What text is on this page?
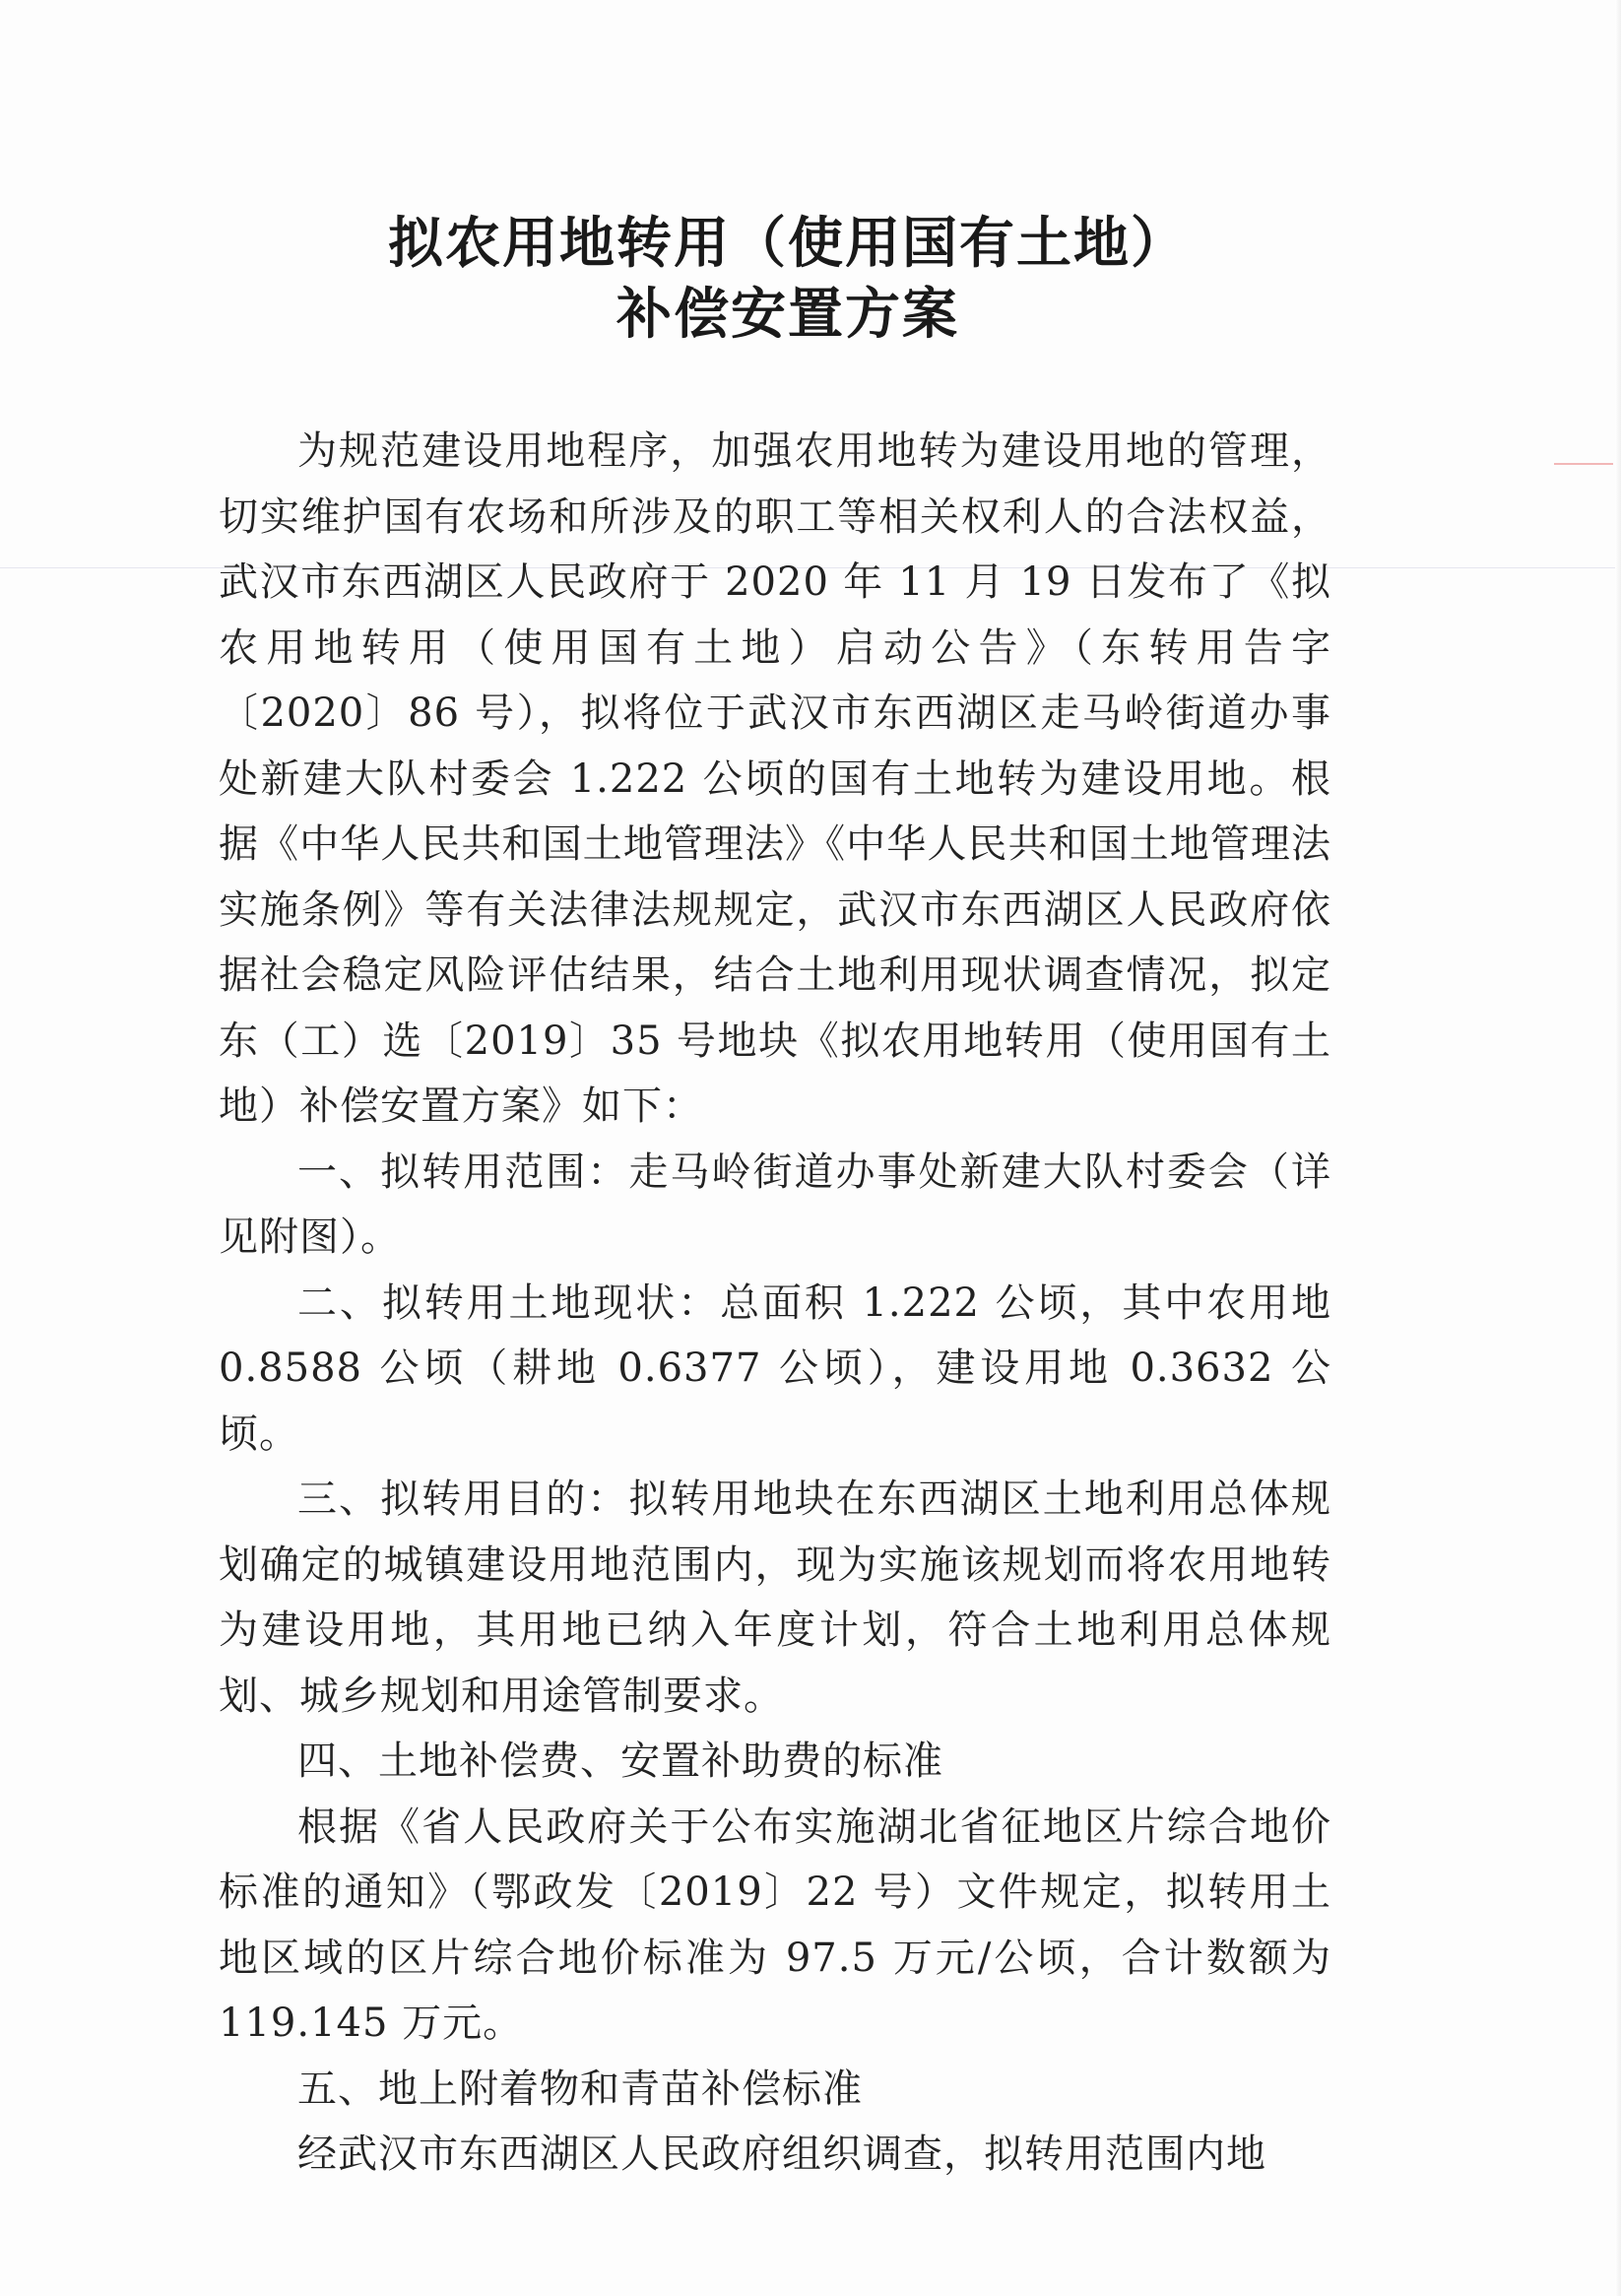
拟农用地转用（使用国有土地）
补偿安置方案

为规范建设用地程序，加强农用地转为建设用地的管理，切实维护国有农场和所涉及的职工等相关权利人的合法权益，武汉市东西湖区人民政府于 2020 年 11 月 19 日发布了《拟农用地转用（使用国有土地）启动公告》（东转用告字〔2020〕86 号），拟将位于武汉市东西湖区走马岭街道办事处新建大队村委会 1.222 公顷的国有土地转为建设用地。根据《中华人民共和国土地管理法》《中华人民共和国土地管理法实施条例》等有关法律法规规定，武汉市东西湖区人民政府依据社会稳定风险评估结果，结合土地利用现状调查情况，拟定东（工）选〔2019〕35 号地块《拟农用地转用（使用国有土地）补偿安置方案》如下：

一、拟转用范围：走马岭街道办事处新建大队村委会（详见附图）。

二、拟转用土地现状：总面积 1.222 公顷，其中农用地 0.8588 公顷（耕地 0.6377 公顷），建设用地 0.3632 公顷。

三、拟转用目的：拟转用地块在东西湖区土地利用总体规划确定的城镇建设用地范围内，现为实施该规划而将农用地转为建设用地，其用地已纳入年度计划，符合土地利用总体规划、城乡规划和用途管制要求。

四、土地补偿费、安置补助费的标准

根据《省人民政府关于公布实施湖北省征地区片综合地价标准的通知》（鄂政发〔2019〕22 号）文件规定，拟转用土地区域的区片综合地价标准为 97.5 万元/公顷，合计数额为 119.145 万元。

五、地上附着物和青苗补偿标准

经武汉市东西湖区人民政府组织调查，拟转用范围内地
